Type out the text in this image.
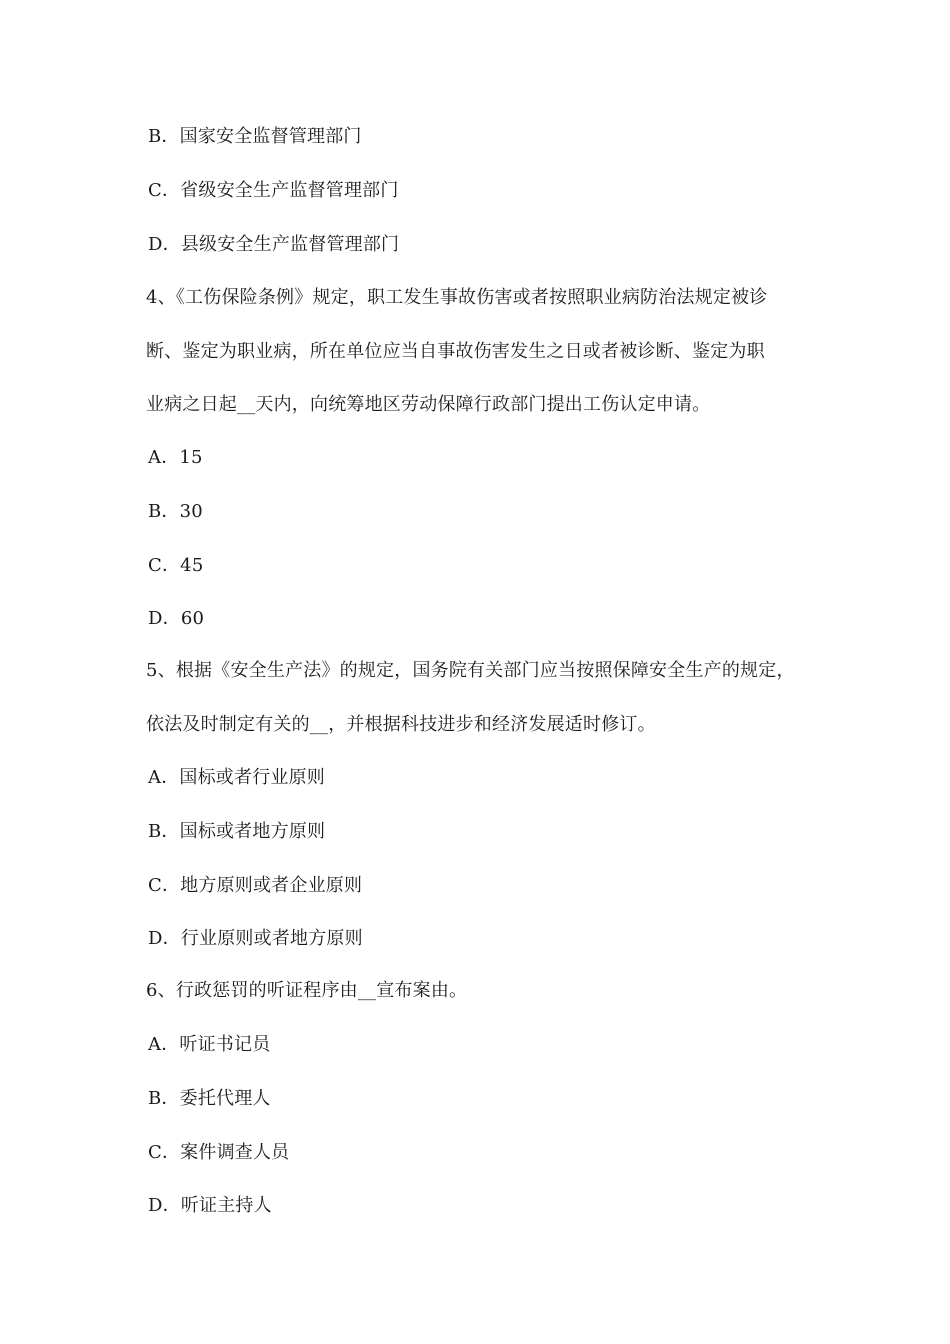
B．国家安全监督管理部门
C．省级安全生产监督管理部门
D．县级安全生产监督管理部门
4、《工伤保险条例》规定，职工发生事故伤害或者按照职业病防治法规定被诊
断、鉴定为职业病，所在单位应当自事故伤害发生之日或者被诊断、鉴定为职
业病之日起__天内，向统筹地区劳动保障行政部门提出工伤认定申请。
A．15
B．30
C．45
D．60
5、根据《安全生产法》的规定，国务院有关部门应当按照保障安全生产的规定，
依法及时制定有关的__，并根据科技进步和经济发展适时修订。
A．国标或者行业原则
B．国标或者地方原则
C．地方原则或者企业原则
D．行业原则或者地方原则
6、行政惩罚的听证程序由__宣布案由。
A．听证书记员
B．委托代理人
C．案件调查人员
D．听证主持人
